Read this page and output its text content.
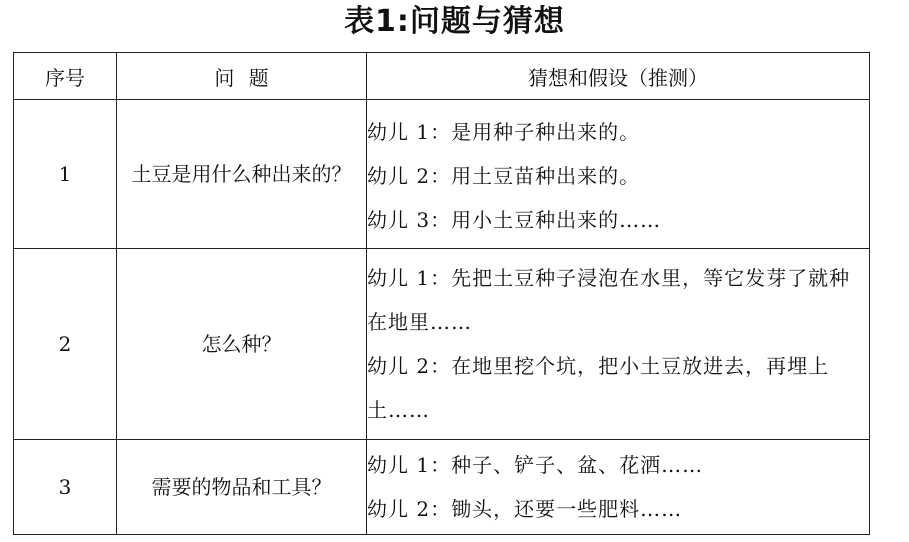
表1:问题与猜想
序号	问 题	猜想和假设（推测）
1	土豆是用什么种出来的？	幼儿 1：是用种子种出来的。
幼儿 2：用土豆苗种出来的。
幼儿 3：用小土豆种出来的……

2	怎么种？	幼儿 1：先把土豆种子浸泡在水里，等它发芽了就种在地里……
幼儿 2：在地里挖个坑，把小土豆放进去，再埋上土……

3	需要的物品和工具？	幼儿 1：种子、铲子、盆、花洒……
幼儿 2：锄头，还要一些肥料……
